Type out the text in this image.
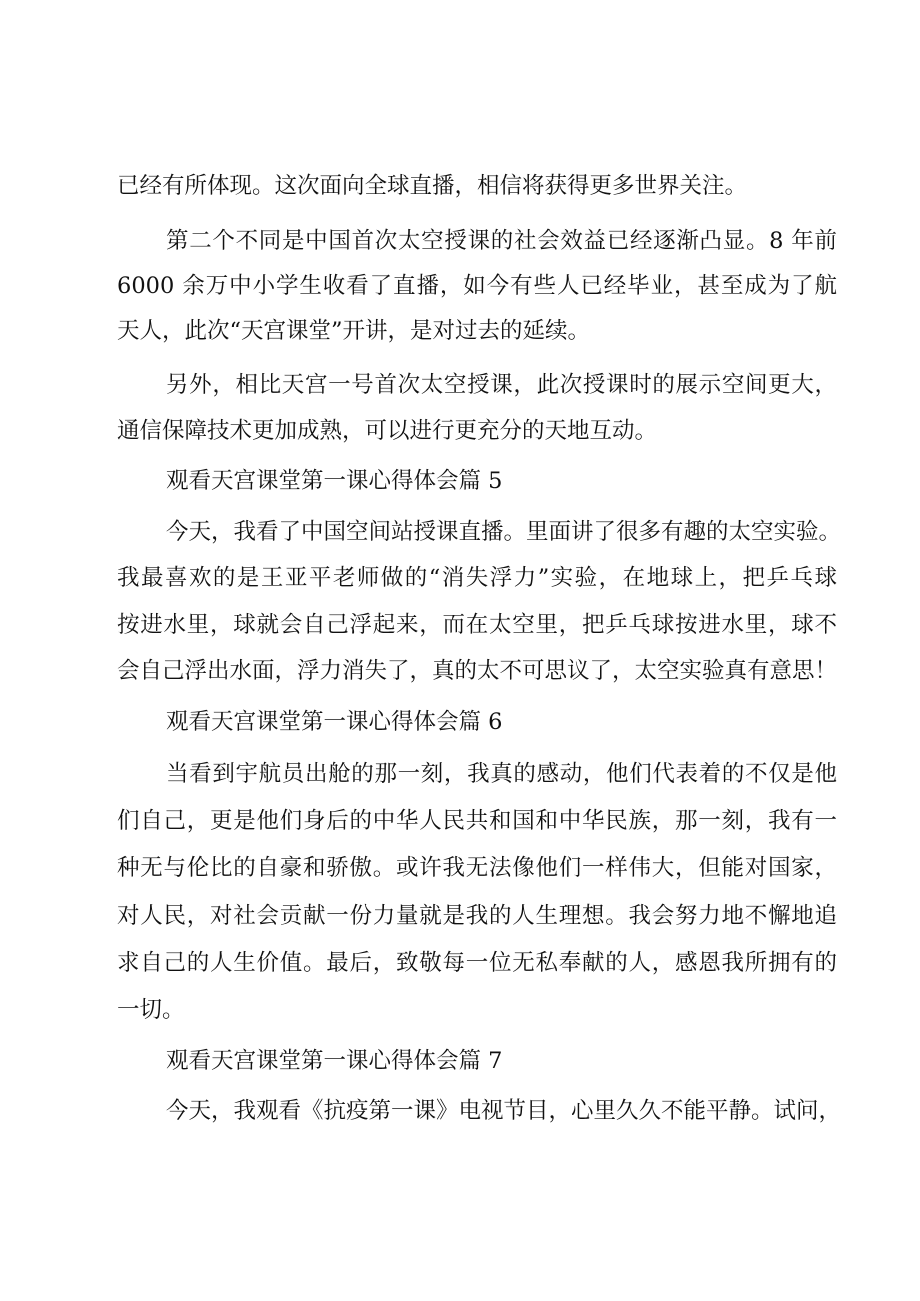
已经有所体现。这次面向全球直播，相信将获得更多世界关注。
第二个不同是中国首次太空授课的社会效益已经逐渐凸显。8 年前
6000 余万中小学生收看了直播，如今有些人已经毕业，甚至成为了航
天人，此次“天宫课堂”开讲，是对过去的延续。
另外，相比天宫一号首次太空授课，此次授课时的展示空间更大，
通信保障技术更加成熟，可以进行更充分的天地互动。
观看天宫课堂第一课心得体会篇 5
今天，我看了中国空间站授课直播。里面讲了很多有趣的太空实验。
我最喜欢的是王亚平老师做的“消失浮力”实验，在地球上，把乒乓球
按进水里，球就会自己浮起来，而在太空里，把乒乓球按进水里，球不
会自己浮出水面，浮力消失了，真的太不可思议了，太空实验真有意思！
观看天宫课堂第一课心得体会篇 6
当看到宇航员出舱的那一刻，我真的感动，他们代表着的不仅是他
们自己，更是他们身后的中华人民共和国和中华民族，那一刻，我有一
种无与伦比的自豪和骄傲。或许我无法像他们一样伟大，但能对国家，
对人民，对社会贡献一份力量就是我的人生理想。我会努力地不懈地追
求自己的人生价值。最后，致敬每一位无私奉献的人，感恩我所拥有的
一切。
观看天宫课堂第一课心得体会篇 7
今天，我观看《抗疫第一课》电视节目，心里久久不能平静。试问，
